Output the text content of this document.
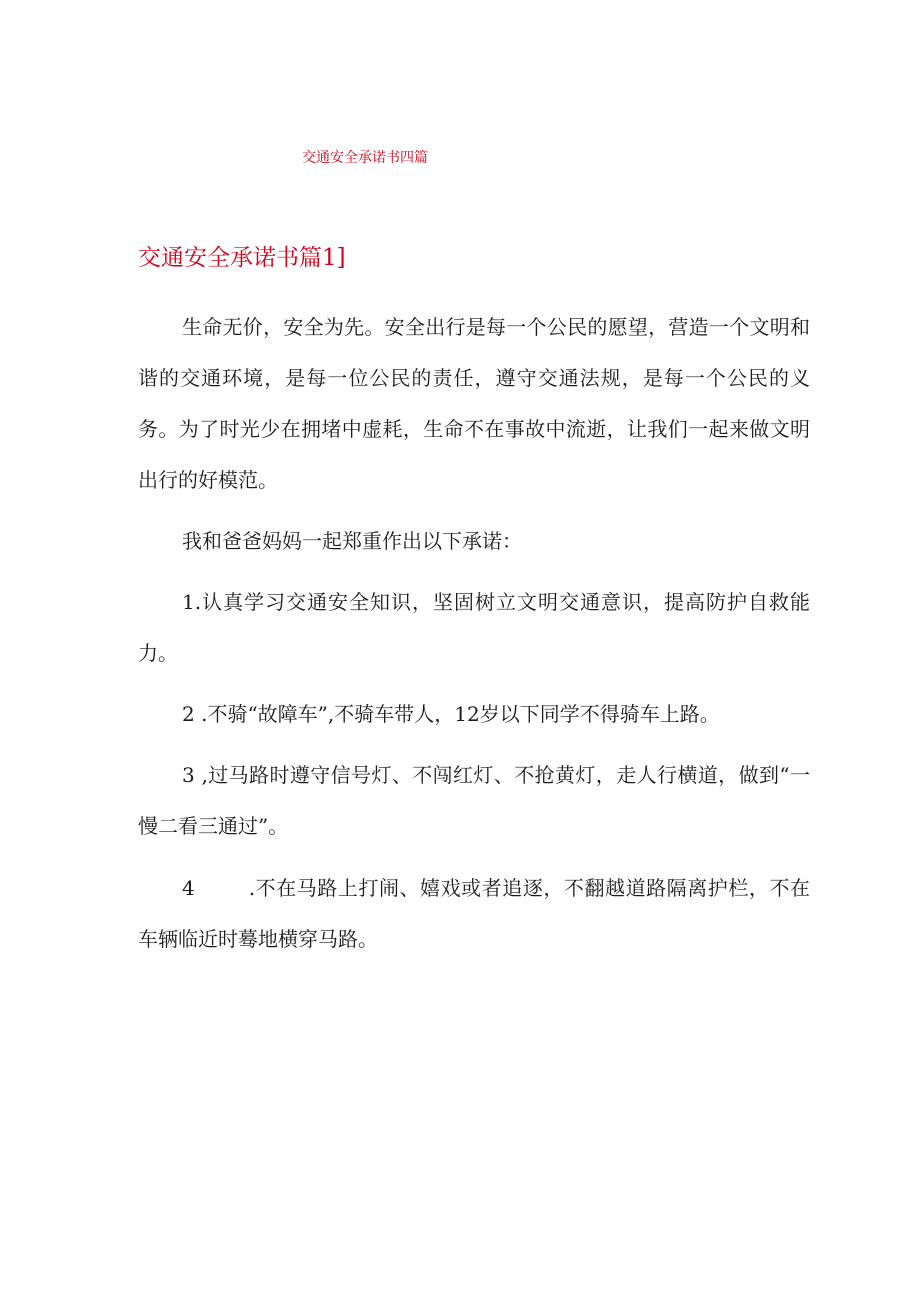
交通安全承诺书四篇
交通安全承诺书篇1]

生命无价，安全为先。安全出行是每一个公民的愿望，营造一个文明和谐的交通环境，是每一位公民的责任，遵守交通法规，是每一个公民的义务。为了时光少在拥堵中虚耗，生命不在事故中流逝，让我们一起来做文明出行的好模范。

我和爸爸妈妈一起郑重作出以下承诺：

1.认真学习交通安全知识，坚固树立文明交通意识，提高防护自救能力。

2 .不骑“故障车”,不骑车带人，12岁以下同学不得骑车上路。

3 ,过马路时遵守信号灯、不闯红灯、不抢黄灯，走人行横道，做到“一慢二看三通过”。

4	.不在马路上打闹、嬉戏或者追逐，不翻越道路隔离护栏，不在车辆临近时蓦地横穿马路。
